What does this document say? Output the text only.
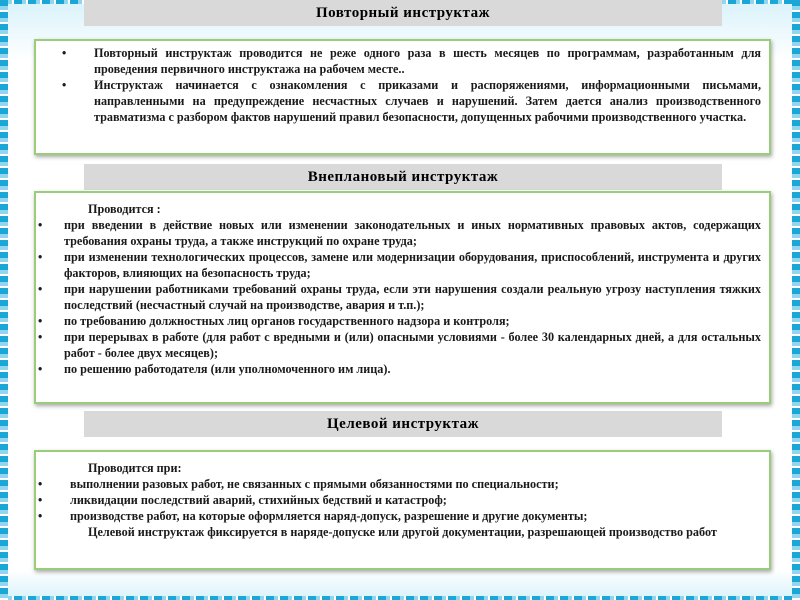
Повторный инструктаж
• Повторный инструктаж проводится не реже одного раза в шесть месяцев по программам, разработанным для проведения первичного инструктажа на рабочем месте..
• Инструктаж начинается с ознакомления с приказами и распоряжениями, информационными письмами, направленными на предупреждение несчастных случаев и нарушений. Затем дается анализ производственного травматизма с разбором фактов нарушений правил безопасности, допущенных рабочими производственного участка.
Внеплановый инструктаж
Проводится :
• при введении в действие новых или изменении законодательных и иных нормативных правовых актов, содержащих требования охраны труда, а также инструкций по охране труда;
• при изменении технологических процессов, замене или модернизации оборудования, приспособлений, инструмента и других факторов, влияющих на безопасность труда;
• при нарушении работниками требований охраны труда, если эти нарушения создали реальную угрозу наступления тяжких последствий (несчастный случай на производстве, авария и т.п.);
• по требованию должностных лиц органов государственного надзора и контроля;
• при перерывах в работе (для работ с вредными и (или) опасными условиями - более 30 календарных дней, а для остальных работ - более двух месяцев);
• по решению работодателя (или уполномоченного им лица).
Целевой инструктаж
Проводится при:
• выполнении разовых работ, не связанных с прямыми обязанностями по специальности;
• ликвидации последствий аварий, стихийных бедствий и катастроф;
• производстве работ, на которые оформляется наряд-допуск, разрешение и другие документы;
Целевой инструктаж фиксируется в наряде-допуске или другой документации, разрешающей производство работ
